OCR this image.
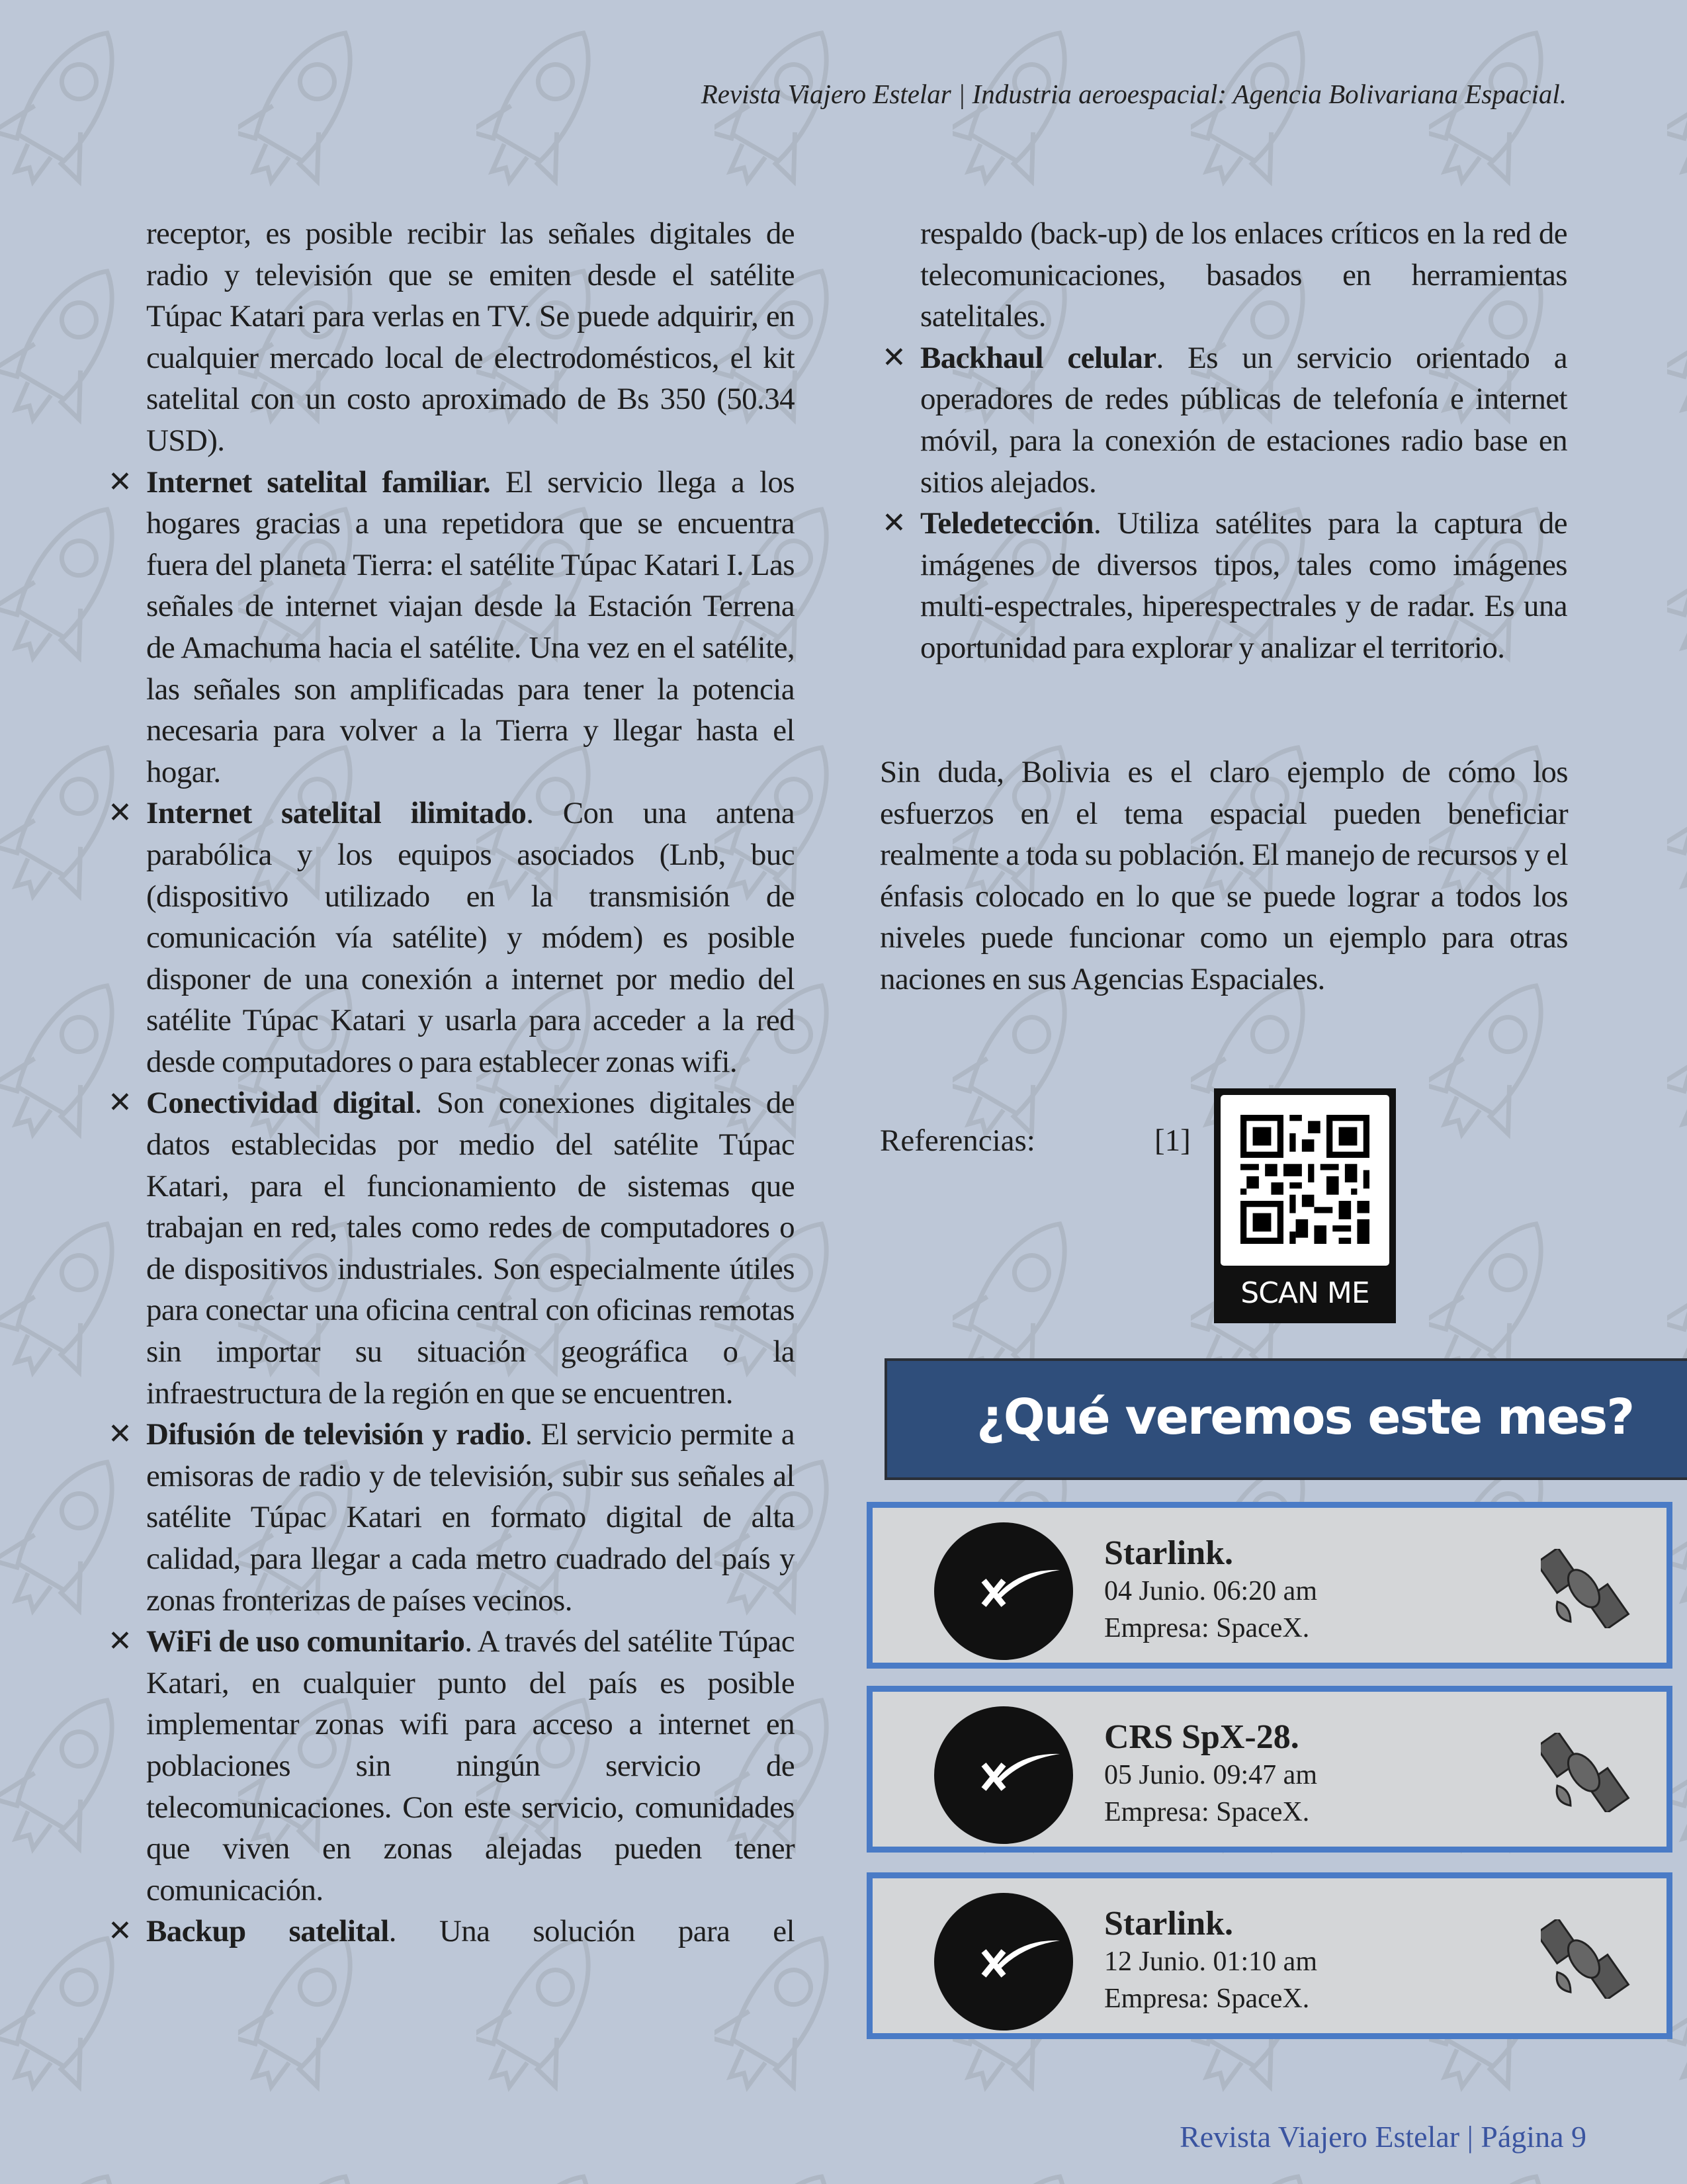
Revista Viajero Estelar | Industria aeroespacial: Agencia Bolivariana Espacial.

receptor, es posible recibir las señales digitales de radio y televisión que se emiten desde el satélite Túpac Katari para verlas en TV. Se puede adquirir, en cualquier mercado local de electrodomésticos, el kit satelital con un costo aproximado de Bs 350 (50.34 USD).

✕ Internet satelital familiar. El servicio llega a los hogares gracias a una repetidora que se encuentra fuera del planeta Tierra: el satélite Túpac Katari I. Las señales de internet viajan desde la Estación Terrena de Amachuma hacia el satélite. Una vez en el satélite, las señales son amplificadas para tener la potencia necesaria para volver a la Tierra y llegar hasta el hogar.

✕ Internet satelital ilimitado. Con una antena parabólica y los equipos asociados (Lnb, buc (dispositivo utilizado en la transmisión de comunicación vía satélite) y módem) es posible disponer de una conexión a internet por medio del satélite Túpac Katari y usarla para acceder a la red desde computadores o para establecer zonas wifi.

✕ Conectividad digital. Son conexiones digitales de datos establecidas por medio del satélite Túpac Katari, para el funcionamiento de sistemas que trabajan en red, tales como redes de computadores o de dispositivos industriales. Son especialmente útiles para conectar una oficina central con oficinas remotas sin importar su situación geográfica o la infraestructura de la región en que se encuentren.

✕ Difusión de televisión y radio. El servicio permite a emisoras de radio y de televisión, subir sus señales al satélite Túpac Katari en formato digital de alta calidad, para llegar a cada metro cuadrado del país y zonas fronterizas de países vecinos.

✕ WiFi de uso comunitario. A través del satélite Túpac Katari, en cualquier punto del país es posible implementar zonas wifi para acceso a internet en poblaciones sin ningún servicio de telecomunicaciones. Con este servicio, comunidades que viven en zonas alejadas pueden tener comunicación.

✕ Backup satelital. Una solución para el

respaldo (back-up) de los enlaces críticos en la red de telecomunicaciones, basados en herramientas satelitales.

✕ Backhaul celular. Es un servicio orientado a operadores de redes públicas de telefonía e internet móvil, para la conexión de estaciones radio base en sitios alejados.

✕ Teledetección. Utiliza satélites para la captura de imágenes de diversos tipos, tales como imágenes multi-espectrales, hiperespectrales y de radar. Es una oportunidad para explorar y analizar el territorio.

Sin duda, Bolivia es el claro ejemplo de cómo los esfuerzos en el tema espacial pueden beneficiar realmente a toda su población. El manejo de recursos y el énfasis colocado en lo que se puede lograr a todos los niveles puede funcionar como un ejemplo para otras naciones en sus Agencias Espaciales.
Referencias:	[1]
SCAN ME
¿Qué veremos este mes?
Starlink.
04 Junio. 06:20 am
Empresa: SpaceX.
CRS SpX-28.
05 Junio. 09:47 am
Empresa: SpaceX.
Starlink.
12 Junio. 01:10 am
Empresa: SpaceX.
Revista Viajero Estelar | Página 9
